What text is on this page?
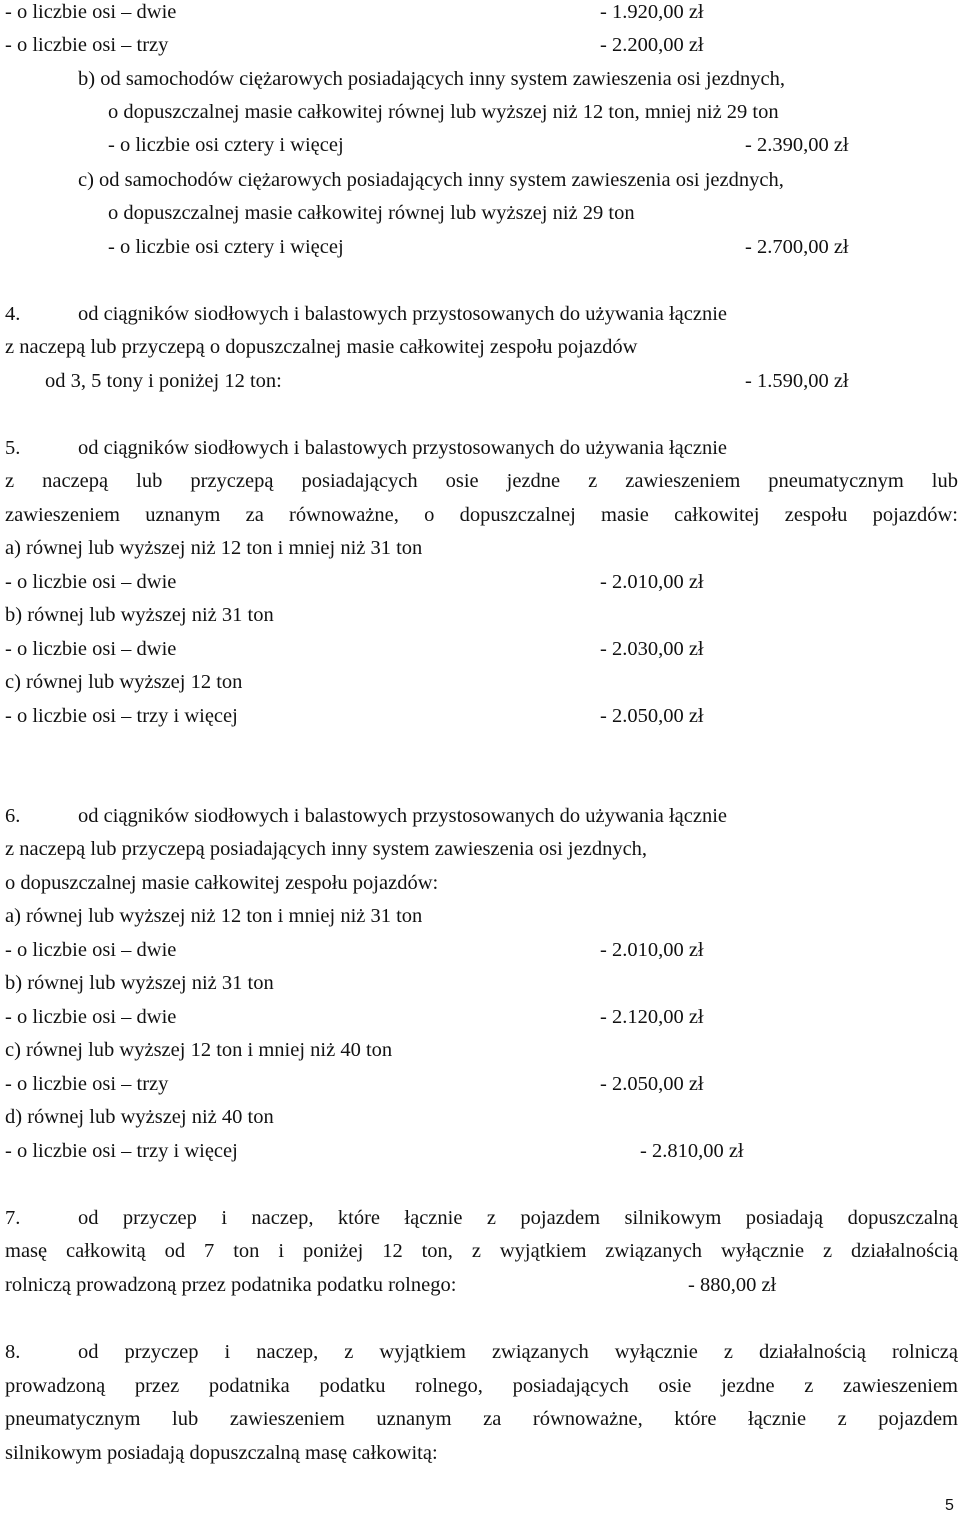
- o liczbie osi – dwie	- 1.920,00 zł
- o liczbie osi – trzy	- 2.200,00 zł
b) od samochodów ciężarowych posiadających inny system zawieszenia osi jezdnych,
o dopuszczalnej masie całkowitej równej lub wyższej niż 12 ton, mniej niż 29 ton
- o liczbie osi cztery i więcej	- 2.390,00 zł
c) od samochodów ciężarowych posiadających inny system zawieszenia osi jezdnych,
o dopuszczalnej masie całkowitej równej lub wyższej niż 29 ton
- o liczbie osi cztery i więcej	- 2.700,00 zł
4.	od ciągników siodłowych i balastowych przystosowanych do używania łącznie
z naczepą lub przyczepą o dopuszczalnej masie całkowitej zespołu pojazdów
od 3, 5 tony i poniżej 12 ton:	- 1.590,00 zł
5.	od ciągników siodłowych i balastowych przystosowanych do używania łącznie
z naczepą lub przyczepą posiadających osie jezdne z zawieszeniem pneumatycznym lub
zawieszeniem uznanym za równoważne, o dopuszczalnej masie całkowitej zespołu pojazdów:
a) równej lub wyższej niż 12 ton i mniej niż 31 ton
- o liczbie osi – dwie	- 2.010,00 zł
b) równej lub wyższej niż 31 ton
- o liczbie osi – dwie	- 2.030,00 zł
c) równej lub wyższej 12 ton
- o liczbie osi – trzy i więcej	- 2.050,00 zł
6.	od ciągników siodłowych i balastowych przystosowanych do używania łącznie
z naczepą lub przyczepą posiadających inny system zawieszenia osi jezdnych,
o dopuszczalnej masie całkowitej zespołu pojazdów:
a) równej lub wyższej niż 12 ton i mniej niż 31 ton
- o liczbie osi – dwie	- 2.010,00 zł
b) równej lub wyższej niż 31 ton
- o liczbie osi – dwie	- 2.120,00 zł
c) równej lub wyższej 12 ton i mniej niż 40 ton
- o liczbie osi – trzy	- 2.050,00 zł
d) równej lub wyższej niż 40 ton
- o liczbie osi – trzy i więcej	- 2.810,00 zł
7.	od przyczep i naczep, które łącznie z pojazdem silnikowym posiadają dopuszczalną
masę całkowitą od 7 ton i poniżej 12 ton, z wyjątkiem związanych wyłącznie z działalnością
rolniczą prowadzoną przez podatnika podatku rolnego:	- 880,00 zł
8.	od przyczep i naczep, z wyjątkiem związanych wyłącznie z działalnością rolniczą
prowadzoną przez podatnika podatku rolnego, posiadających osie jezdne z zawieszeniem
pneumatycznym lub zawieszeniem uznanym za równoważne, które łącznie z pojazdem
silnikowym posiadają dopuszczalną masę całkowitą:
5
